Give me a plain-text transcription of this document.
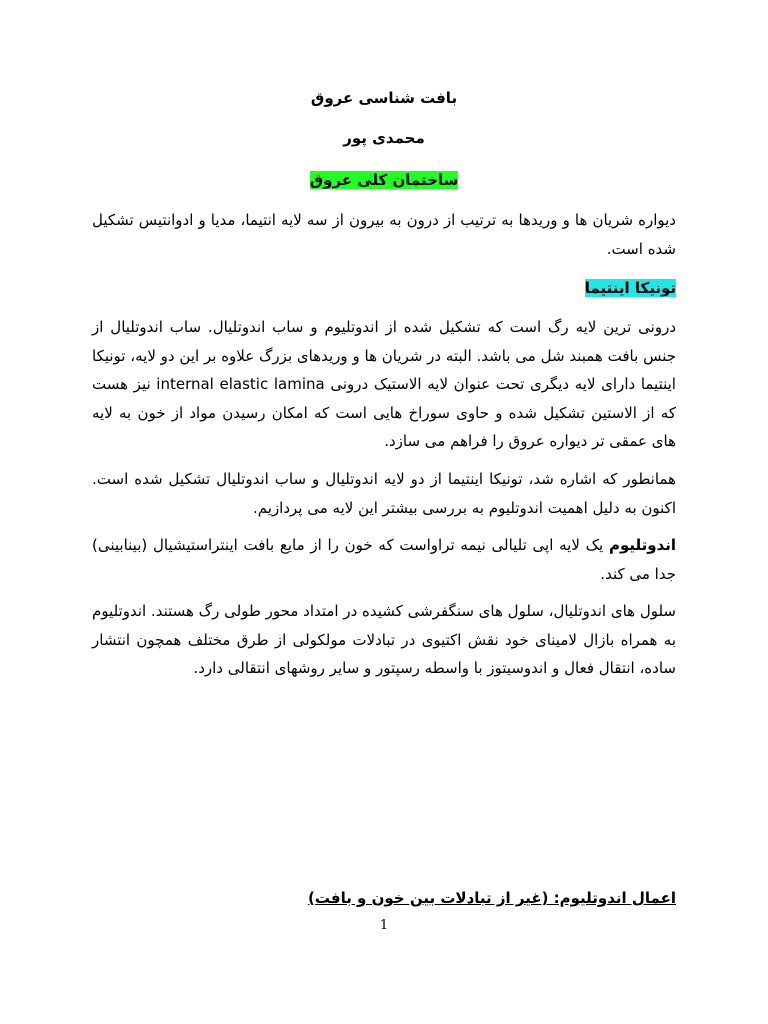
بافت شناسی عروق
محمدی پور
ساختمان کلی عروق
دیواره شریان ها و وریدها به ترتیب از درون به بیرون از سه لایه انتیما، مدیا و ادوانتیس تشکیل شده است.
تونیکا اینتیما
درونی ترین لایه رگ است که تشکیل شده از اندوتلیوم و ساب اندوتلیال. ساب اندوتلیال از جنس بافت همبند شل می باشد. البته در شریان ها و وریدهای بزرگ علاوه بر این دو لایه، تونیکا اینتیما دارای لایه دیگری تحت عنوان لایه الاستیک درونی internal elastic lamina نیز هست که از الاستین تشکیل شده و حاوی سوراخ هایی است که امکان رسیدن مواد از خون به لایه های عمقی تر دیواره عروق را فراهم می سازد.
همانطور که اشاره شد، تونیکا اینتیما از دو لایه اندوتلیال و ساب اندوتلیال تشکیل شده است. اکنون به دلیل اهمیت اندوتلیوم به بررسی بیشتر این لایه می پردازیم.
اندوتلیوم یک لایه اپی تلیالی نیمه تراواست که خون را از مایع بافت اینتراستیشیال (بینابینی) جدا می کند.
سلول های اندوتلیال، سلول های سنگفرشی کشیده در امتداد محور طولی رگ هستند. اندوتلیوم به همراه بازال لامینای خود نقش اکتیوی در تبادلات مولکولی از طرق مختلف همچون انتشار ساده، انتقال فعال و اندوسیتوز با واسطه رسپتور و سایر روشهای انتقالی دارد.
اعمال اندوتلیوم: (غیر از تبادلات بین خون و بافت)
1
